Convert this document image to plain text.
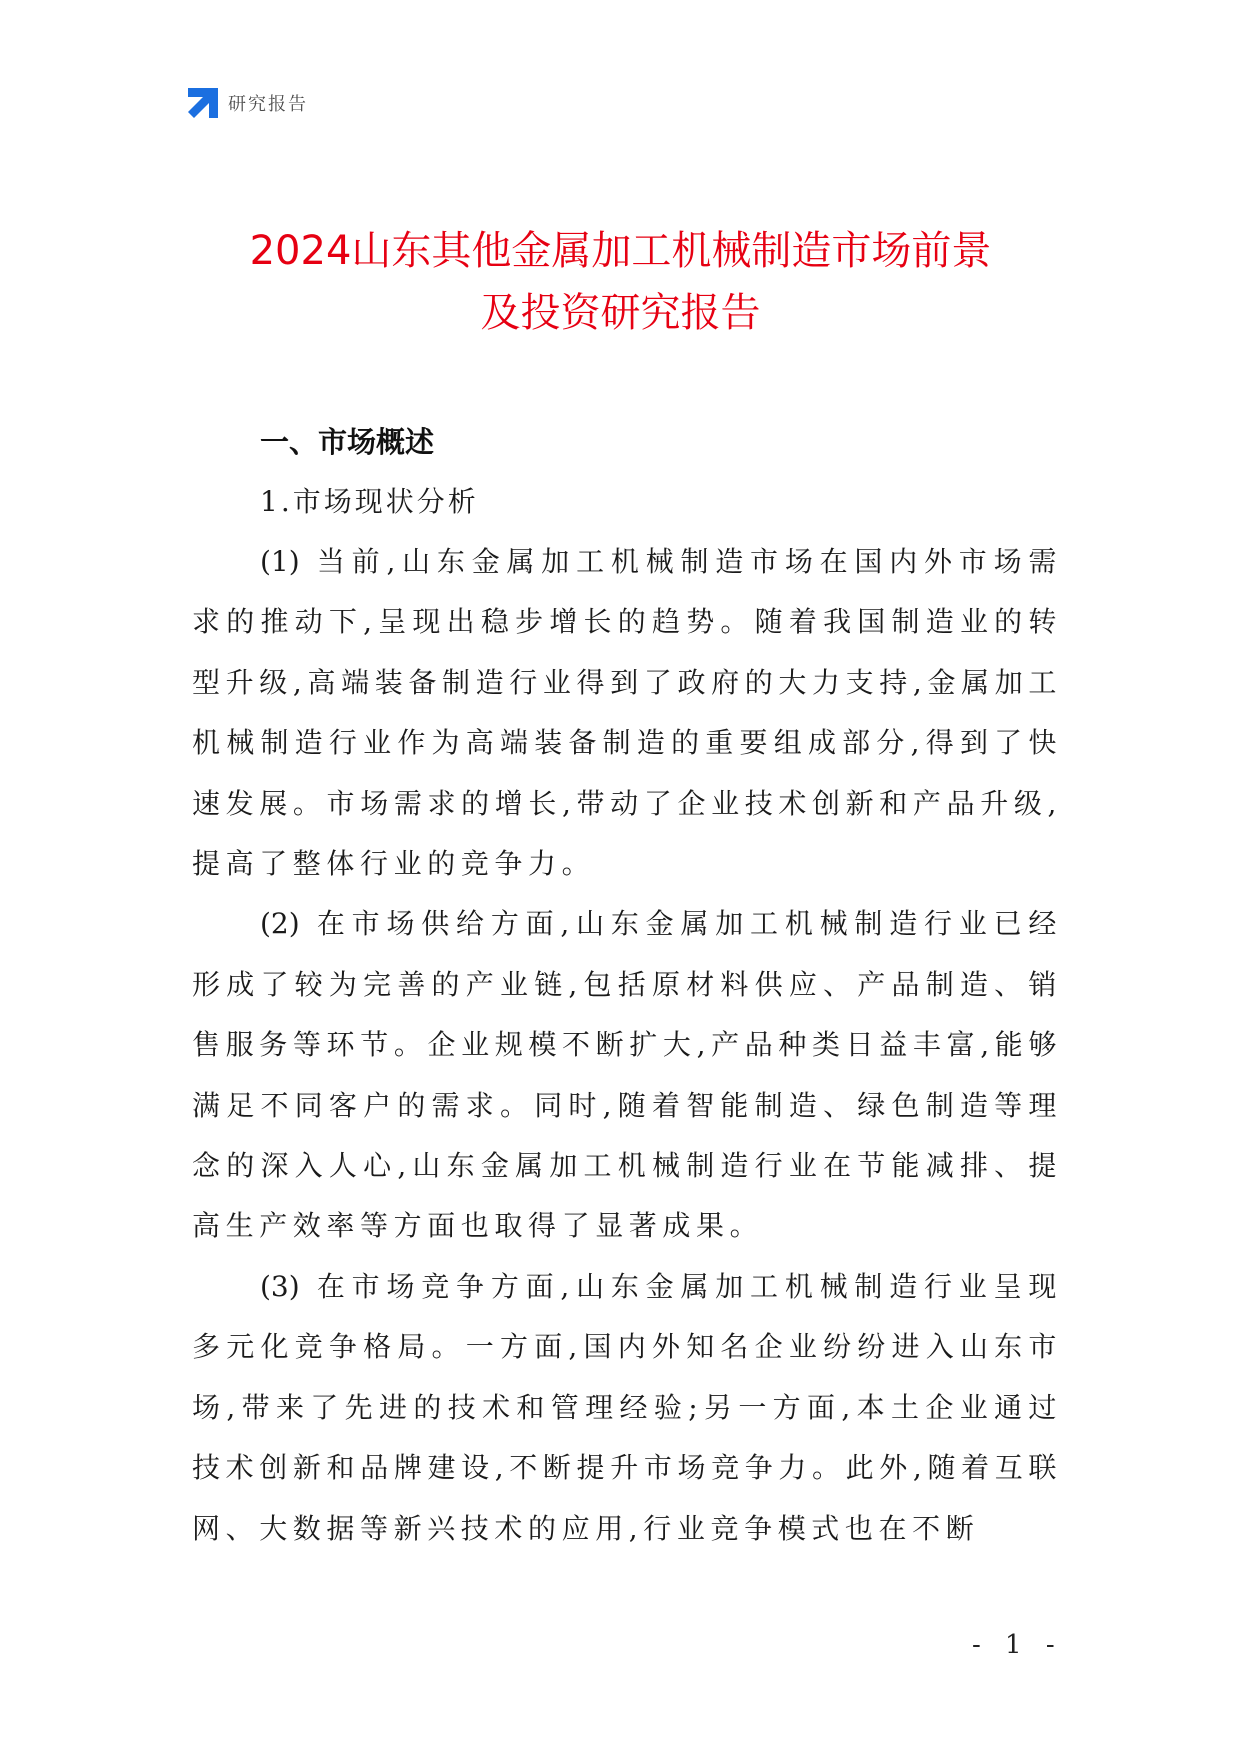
研究报告
2024山东其他金属加工机械制造市场前景
及投资研究报告
一、市场概述
1.市场现状分析

(1) 当前,山东金属加工机械制造市场在国内外市场需求的推动下,呈现出稳步增长的趋势。随着我国制造业的转型升级,高端装备制造行业得到了政府的大力支持,金属加工机械制造行业作为高端装备制造的重要组成部分,得到了快速发展。市场需求的增长,带动了企业技术创新和产品升级,提高了整体行业的竞争力。

(2) 在市场供给方面,山东金属加工机械制造行业已经形成了较为完善的产业链,包括原材料供应、产品制造、销售服务等环节。企业规模不断扩大,产品种类日益丰富,能够满足不同客户的需求。同时,随着智能制造、绿色制造等理念的深入人心,山东金属加工机械制造行业在节能减排、提高生产效率等方面也取得了显著成果。

(3) 在市场竞争方面,山东金属加工机械制造行业呈现多元化竞争格局。一方面,国内外知名企业纷纷进入山东市场,带来了先进的技术和管理经验;另一方面,本土企业通过技术创新和品牌建设,不断提升市场竞争力。此外,随着互联网、大数据等新兴技术的应用,行业竞争模式也在不断

- 1 -
